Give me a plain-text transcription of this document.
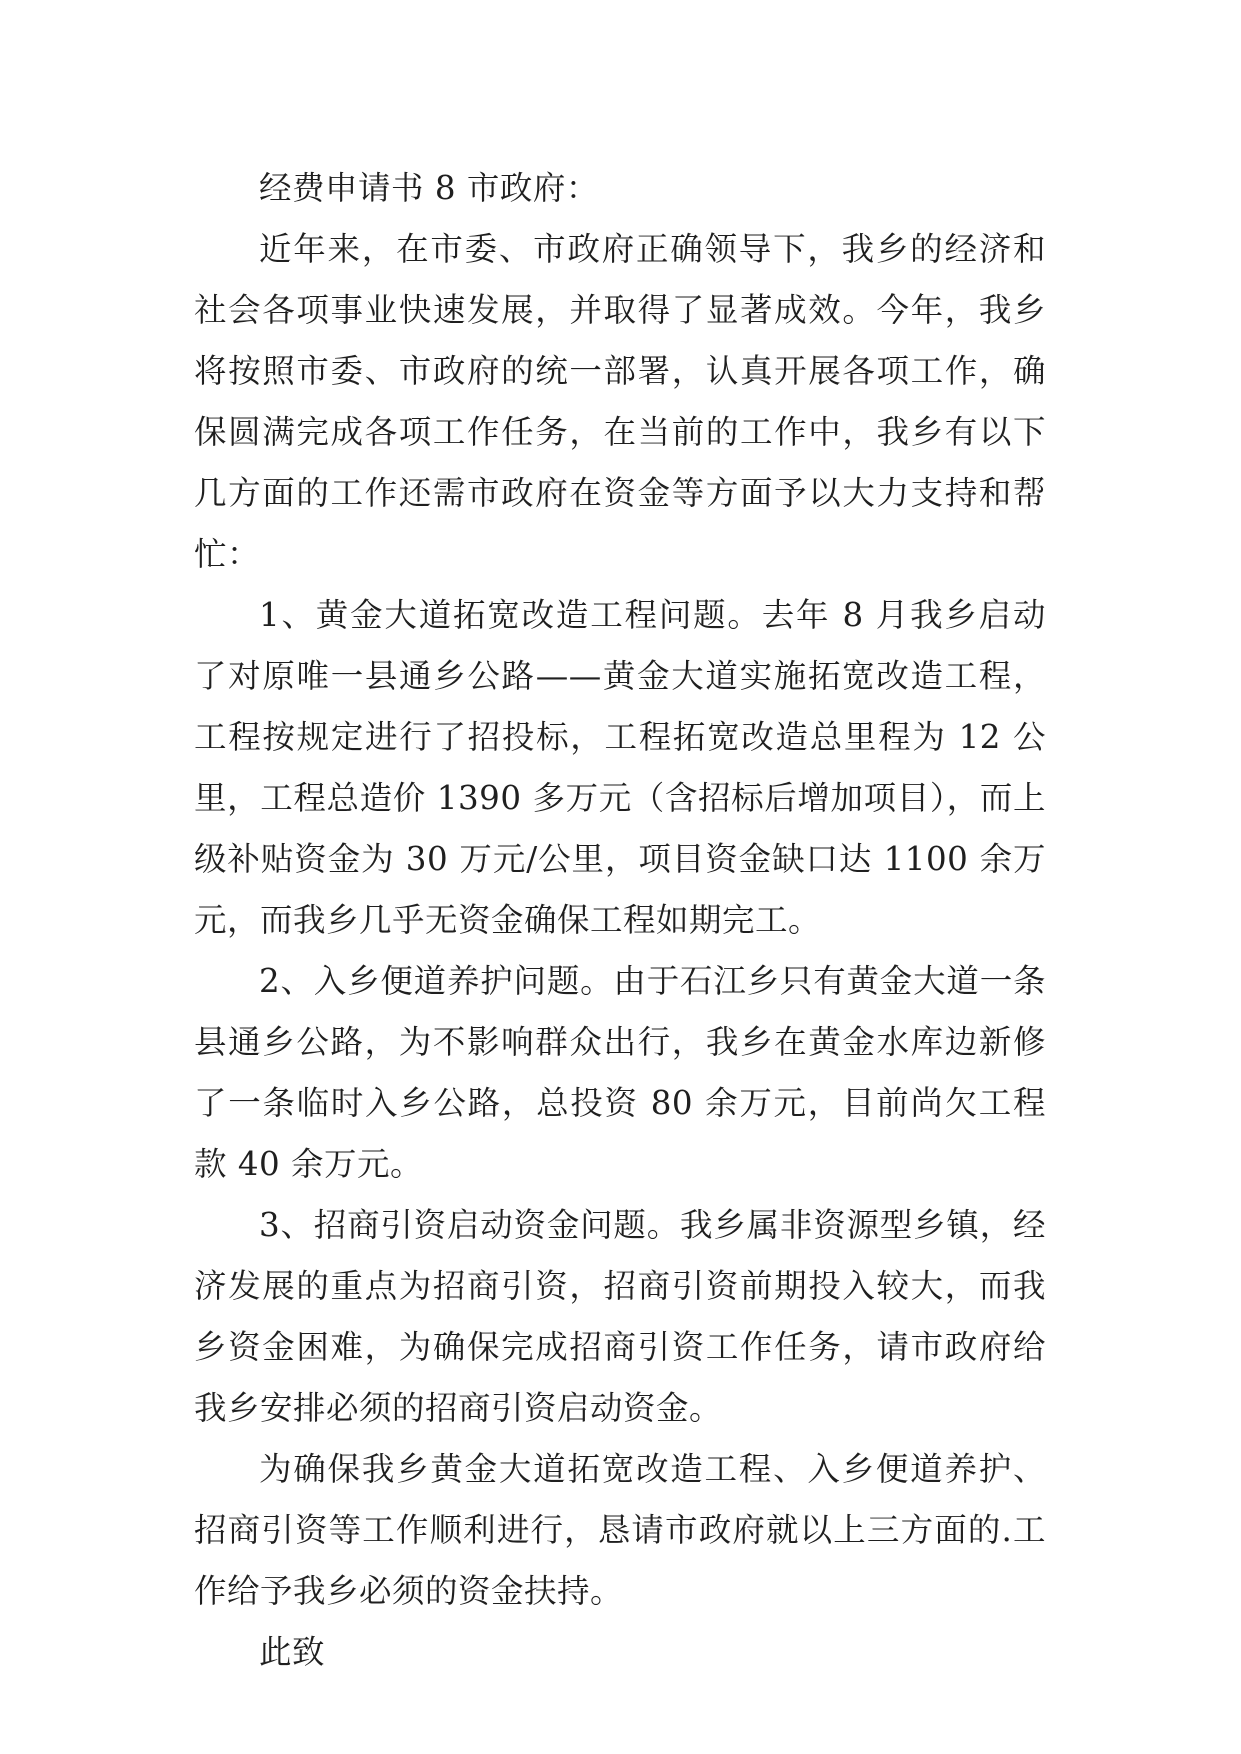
经费申请书 8 市政府：

近年来，在市委、市政府正确领导下，我乡的经济和社会各项事业快速发展，并取得了显著成效。今年，我乡将按照市委、市政府的统一部署，认真开展各项工作，确保圆满完成各项工作任务，在当前的工作中，我乡有以下几方面的工作还需市政府在资金等方面予以大力支持和帮忙：

1、黄金大道拓宽改造工程问题。去年 8 月我乡启动了对原唯一县通乡公路——黄金大道实施拓宽改造工程，工程按规定进行了招投标，工程拓宽改造总里程为 12 公里，工程总造价 1390 多万元（含招标后增加项目），而上级补贴资金为 30 万元/公里，项目资金缺口达 1100 余万元，而我乡几乎无资金确保工程如期完工。

2、入乡便道养护问题。由于石江乡只有黄金大道一条县通乡公路，为不影响群众出行，我乡在黄金水库边新修了一条临时入乡公路，总投资 80 余万元，目前尚欠工程款 40 余万元。

3、招商引资启动资金问题。我乡属非资源型乡镇，经济发展的重点为招商引资，招商引资前期投入较大，而我乡资金困难，为确保完成招商引资工作任务，请市政府给我乡安排必须的招商引资启动资金。

为确保我乡黄金大道拓宽改造工程、入乡便道养护、招商引资等工作顺利进行，恳请市政府就以上三方面的.工作给予我乡必须的资金扶持。

此致
